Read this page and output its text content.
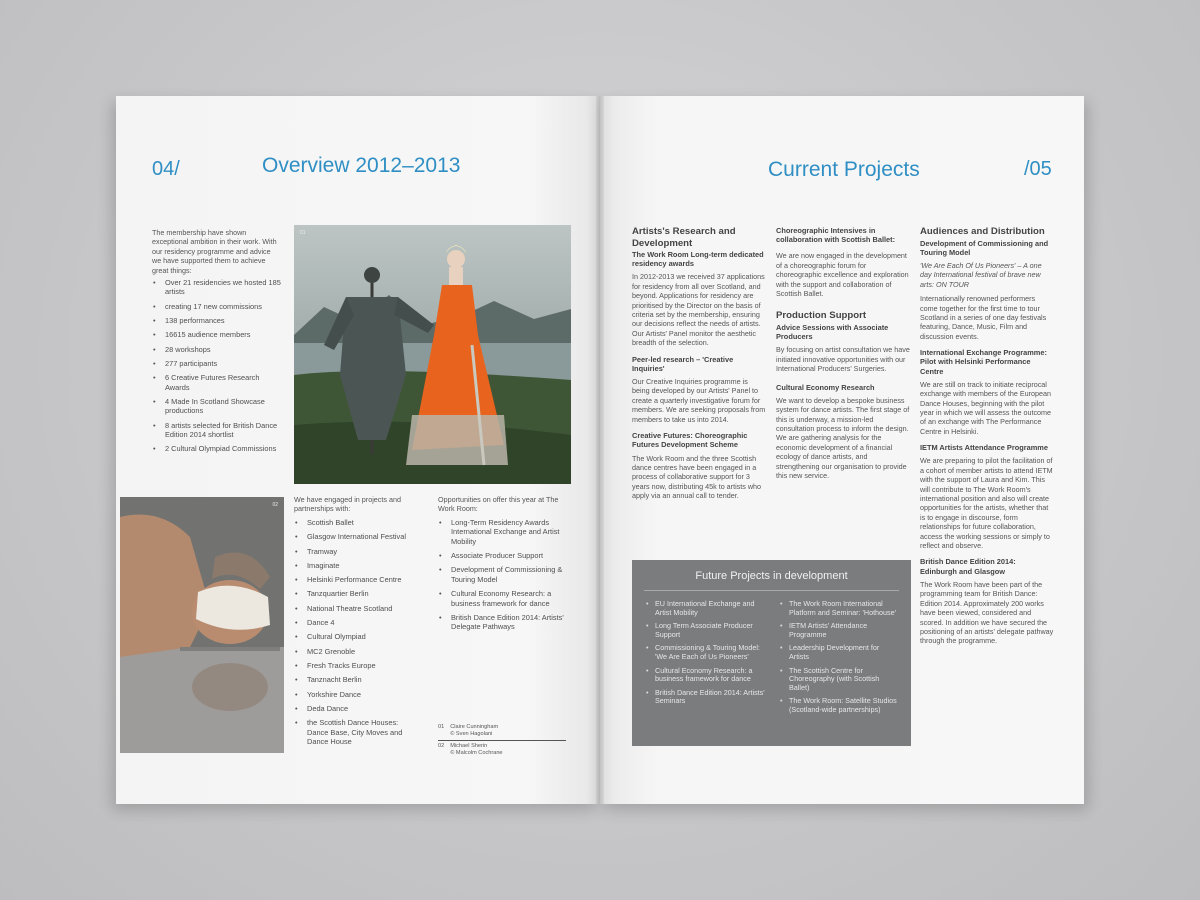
04/	Overview 2012–2013
The membership have shown exceptional ambition in their work. With our residency programme and advice we have supported them to achieve great things:
• Over 21 residencies we hosted 185 artists
• creating 17 new commissions
• 138 performances
• 16615 audience members
• 28 workshops
• 277 participants
• 6 Creative Futures Research Awards
• 4 Made In Scotland Showcase productions
• 8 artists selected for British Dance Edition 2014 shortlist
• 2 Cultural Olympiad Commissions
01
02
We have engaged in projects and partnerships with:
• Scottish Ballet
• Glasgow International Festival
• Tramway
• Imaginate
• Helsinki Performance Centre
• Tanzquartier Berlin
• National Theatre Scotland
• Dance 4
• Cultural Olympiad
• MC2 Grenoble
• Fresh Tracks Europe
• Tanznacht Berlin
• Yorkshire Dance
• Deda Dance
• the Scottish Dance Houses: Dance Base, City Moves and Dance House
Opportunities on offer this year at The Work Room:
• Long-Term Residency Awards International Exchange and Artist Mobility
• Associate Producer Support
• Development of Commissioning & Touring Model
• Cultural Economy Research: a business framework for dance
• British Dance Edition 2014: Artists' Delegate Pathways
01 Claire Cunningham
© Sven Hagolani
02 Michael Sherin
© Malcolm Cochrane
Current Projects	/05
Artists's Research and Development
The Work Room Long-term dedicated residency awards
In 2012-2013 we received 37 applications for residency from all over Scotland, and beyond. Applications for residency are prioritised by the Director on the basis of criteria set by the membership, ensuring our decisions reflect the needs of artists. Our Artists' Panel monitor the aesthetic breadth of the selection.
Peer-led research – 'Creative Inquiries'
Our Creative Inquiries programme is being developed by our Artists' Panel to create a quarterly investigative forum for members. We are seeking proposals from members to take us into 2014.
Creative Futures: Choreographic Futures Development Scheme
The Work Room and the three Scottish dance centres have been engaged in a process of collaborative support for 3 years now, distributing 45k to artists who apply via an annual call to tender.
Choreographic Intensives in collaboration with Scottish Ballet:
We are now engaged in the development of a choreographic forum for choreographic excellence and exploration with the support and collaboration of Scottish Ballet.
Production Support
Advice Sessions with Associate Producers
By focusing on artist consultation we have initiated innovative opportunities with our International Producers' Surgeries.
Cultural Economy Research
We want to develop a bespoke business system for dance artists. The first stage of this is underway, a mission-led consultation process to inform the design. We are gathering analysis for the economic development of a financial ecology of dance artists, and strengthening our organisation to provide this new service.
Audiences and Distribution
Development of Commissioning and Touring Model
'We Are Each Of Us Pioneers' – A one day International festival of brave new arts: ON TOUR
Internationally renowned performers come together for the first time to tour Scotland in a series of one day festivals featuring, Dance, Music, Film and discussion events.
International Exchange Programme: Pilot with Helsinki Performance Centre
We are still on track to initiate reciprocal exchange with members of the European Dance Houses, beginning with the pilot year in which we will assess the outcome of an exchange with The Performance Centre in Helsinki.
IETM Artists Attendance Programme
We are preparing to pilot the facilitation of a cohort of member artists to attend IETM with the support of Laura and Kim. This will contribute to The Work Room's international position and also will create opportunities for the artists, whether that is to engage in discourse, form relationships for future collaboration, access the working sessions or simply to reflect and observe.
British Dance Edition 2014: Edinburgh and Glasgow
The Work Room have been part of the programming team for British Dance: Edition 2014. Approximately 200 works have been viewed, considered and scored. In addition we have secured the positioning of an artists' delegate pathway through the programme.
Future Projects in development
• EU International Exchange and Artist Mobility
• Long Term Associate Producer Support
• Commissioning & Touring Model: 'We Are Each of Us Pioneers'
• Cultural Economy Research: a business framework for dance
• British Dance Edition 2014: Artists' Seminars
• The Work Room International Platform and Seminar: 'Hothouse'
• IETM Artists' Attendance Programme
• Leadership Development for Artists
• The Scottish Centre for Choreography (with Scottish Ballet)
• The Work Room: Satellite Studios (Scotland-wide partnerships)
